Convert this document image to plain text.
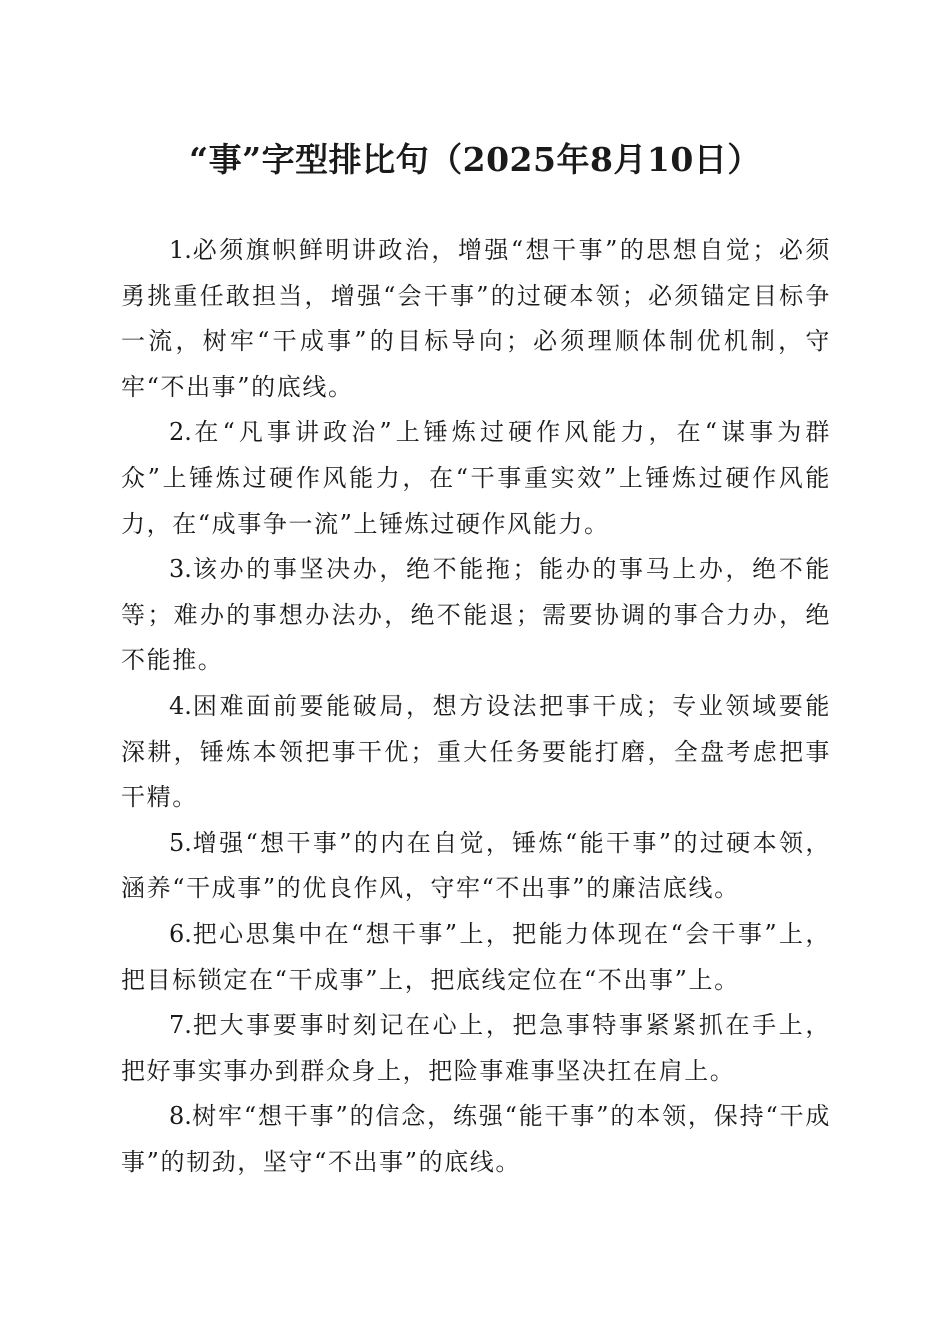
“事”字型排比句（2025年8月10日）

1.必须旗帜鲜明讲政治，增强“想干事”的思想自觉；必须勇挑重任敢担当，增强“会干事”的过硬本领；必须锚定目标争一流，树牢“干成事”的目标导向；必须理顺体制优机制，守牢“不出事”的底线。

2.在“凡事讲政治”上锤炼过硬作风能力，在“谋事为群众”上锤炼过硬作风能力，在“干事重实效”上锤炼过硬作风能力，在“成事争一流”上锤炼过硬作风能力。

3.该办的事坚决办，绝不能拖；能办的事马上办，绝不能等；难办的事想办法办，绝不能退；需要协调的事合力办，绝不能推。

4.困难面前要能破局，想方设法把事干成；专业领域要能深耕，锤炼本领把事干优；重大任务要能打磨，全盘考虑把事干精。

5.增强“想干事”的内在自觉，锤炼“能干事”的过硬本领，涵养“干成事”的优良作风，守牢“不出事”的廉洁底线。

6.把心思集中在“想干事”上，把能力体现在“会干事”上，把目标锁定在“干成事”上，把底线定位在“不出事”上。

7.把大事要事时刻记在心上，把急事特事紧紧抓在手上，把好事实事办到群众身上，把险事难事坚决扛在肩上。

8.树牢“想干事”的信念，练强“能干事”的本领，保持“干成事”的韧劲，坚守“不出事”的底线。
